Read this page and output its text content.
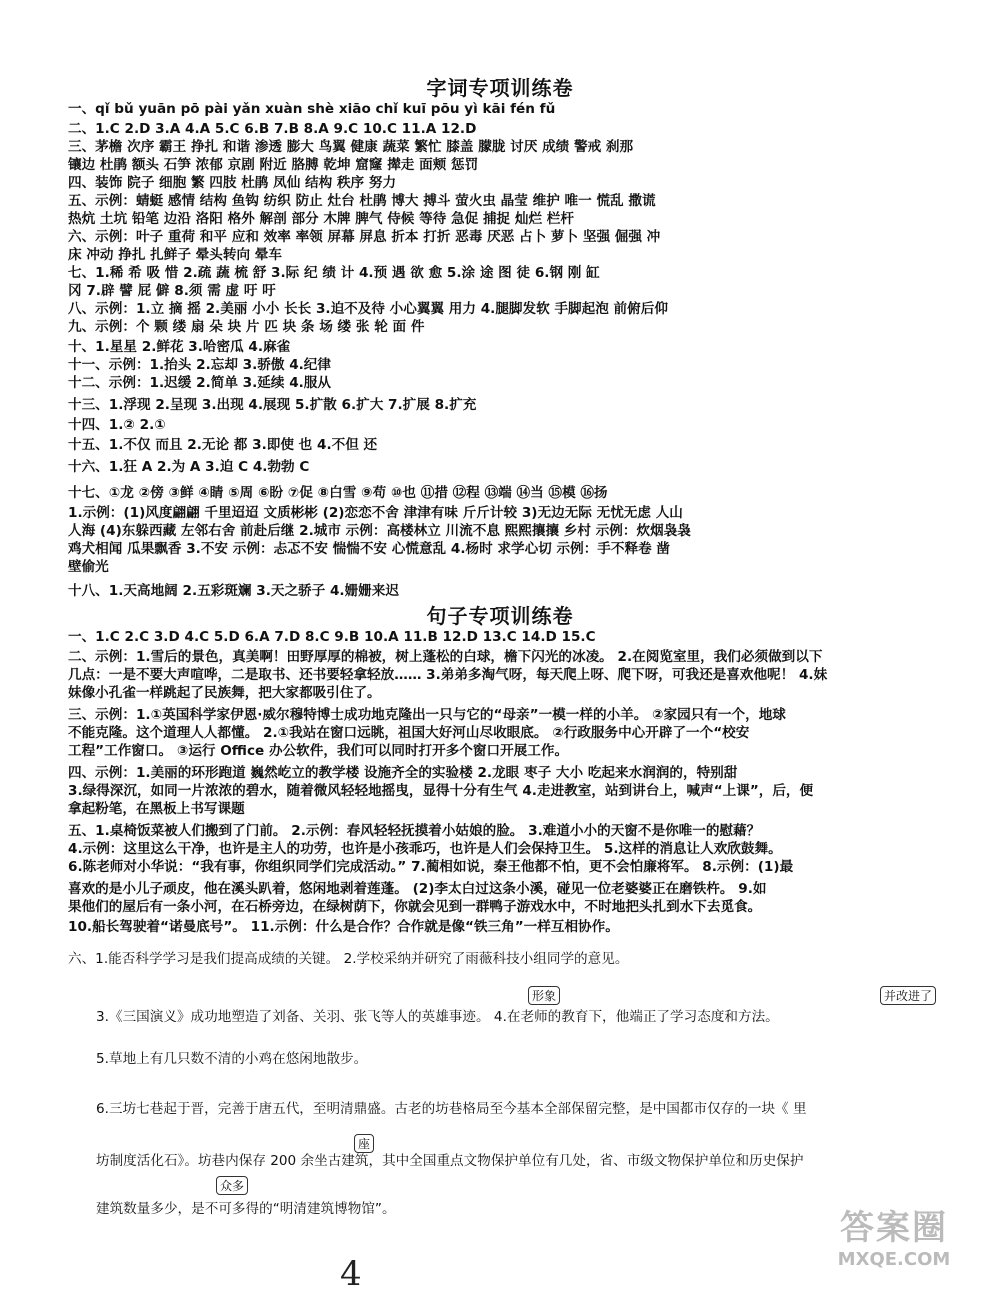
字词专项训练卷
一、qǐ bǔ yuān pō pài yǎn xuàn shè xiāo chǐ kuī pōu yì kāi fén fǔ
二、1.C 2.D 3.A 4.A 5.C 6.B 7.B 8.A 9.C 10.C 11.A 12.D
三、茅檐 次序 霸王 挣扎 和谐 渗透 膨大 鸟翼 健康 蔬菜 繁忙 膝盖 朦胧 讨厌 成绩 警戒 刹那
镶边 杜鹃 额头 石笋 浓郁 京剧 附近 胳膊 乾坤 窟窿 撵走 面颊 惩罚
四、装饰 院子 细胞 繁 四肢 杜鹃 凤仙 结构 秩序 努力
五、示例：蜻蜓 感情 结构 鱼钩 纺织 防止 灶台 杜鹃 博大 搏斗 萤火虫 晶莹 维护 唯一 慌乱 撒谎
热炕 土坑 铅笔 边沿 洛阳 格外 解剖 部分 木牌 脾气 侍候 等待 急促 捕捉 灿烂 栏杆
六、示例：叶子 重荷 和平 应和 效率 率领 屏幕 屏息 折本 打折 恶毒 厌恶 占卜 萝卜 坚强 倔强 冲
床 冲动 挣扎 扎鲜子 晕头转向 晕车
七、1.稀 希 吸 惜 2.疏 蔬 梳 舒 3.际 纪 绩 计 4.预 遇 欲 愈 5.涂 途 图 徒 6.钢 刚 缸
冈 7.辟 譬 屁 僻 8.须 需 虚 吁 吁
八、示例：1.立 摘 摇 2.美丽 小小 长长 3.迫不及待 小心翼翼 用力 4.腿脚发软 手脚起泡 前俯后仰
九、示例：个 颗 缕 扇 朵 块 片 匹 块 条 场 缕 张 轮 面 件
十、1.星星 2.鲜花 3.哈密瓜 4.麻雀
十一、示例：1.抬头 2.忘却 3.骄傲 4.纪律
十二、示例：1.迟缓 2.简单 3.延续 4.服从
十三、1.浮现 2.呈现 3.出现 4.展现 5.扩散 6.扩大 7.扩展 8.扩充
十四、1.② 2.①
十五、1.不仅 而且 2.无论 都 3.即使 也 4.不但 还
十六、1.狂 A 2.为 A 3.迫 C 4.勃勃 C
十七、①龙 ②傍 ③鲜 ④睛 ⑤周 ⑥盼 ⑦促 ⑧白雪 ⑨苟 ⑩也 ⑪措 ⑫程 ⑬端 ⑭当 ⑮模 ⑯扬
1.示例：(1)风度翩翩 千里迢迢 文质彬彬 (2)恋恋不舍 津津有味 斤斤计较 3)无边无际 无忧无虑 人山
人海 (4)东躲西藏 左邻右舍 前赴后继 2.城市 示例：高楼林立 川流不息 熙熙攘攘 乡村 示例：炊烟袅袅
鸡犬相闻 瓜果飘香 3.不安 示例：忐忑不安 惴惴不安 心慌意乱 4.杨时 求学心切 示例：手不释卷 凿
壁偷光
十八、1.天高地阔 2.五彩斑斓 3.天之骄子 4.姗姗来迟
句子专项训练卷
一、1.C 2.C 3.D 4.C 5.D 6.A 7.D 8.C 9.B 10.A 11.B 12.D 13.C 14.D 15.C
二、示例：1.雪后的景色，真美啊！田野厚厚的棉被，树上蓬松的白球，檐下闪光的冰凌。 2.在阅览室里，我们必须做到以下
几点：一是不要大声喧哗，二是取书、还书要轻拿轻放…… 3.弟弟多淘气呀，每天爬上呀、爬下呀，可我还是喜欢他呢！ 4.妹
妹像小孔雀一样跳起了民族舞，把大家都吸引住了。
三、示例：1.①英国科学家伊恩·威尔穆特博士成功地克隆出一只与它的“母亲”一模一样的小羊。 ②家园只有一个，地球
不能克隆。这个道理人人都懂。 2.①我站在窗口远眺，祖国大好河山尽收眼底。 ②行政服务中心开辟了一个“校安
工程”工作窗口。 ③运行 Office 办公软件，我们可以同时打开多个窗口开展工作。
四、示例：1.美丽的环形跑道 巍然屹立的教学楼 设施齐全的实验楼 2.龙眼 枣子 大小 吃起来水润润的，特别甜
3.绿得深沉，如同一片浓浓的碧水，随着微风轻轻地摇曳，显得十分有生气 4.走进教室，站到讲台上，喊声“上课”，后，便
拿起粉笔，在黑板上书写课题
五、1.桌椅饭菜被人们搬到了门前。 2.示例：春风轻轻抚摸着小姑娘的脸。 3.难道小小的天窗不是你唯一的慰藉？
4.示例：这里这么干净，也许是主人的功劳，也许是小孩乖巧，也许是人们会保持卫生。 5.这样的消息让人欢欣鼓舞。
6.陈老师对小华说：“我有事，你组织同学们完成活动。” 7.蔺相如说，秦王他都不怕，更不会怕廉将军。 8.示例：(1)最
喜欢的是小儿子顽皮，他在溪头趴着，悠闲地剥着莲蓬。 (2)李太白过这条小溪，碰见一位老婆婆正在磨铁杵。 9.如
果他们的屋后有一条小河，在石桥旁边，在绿树荫下，你就会见到一群鸭子游戏水中，不时地把头扎到水下去觅食。
10.船长驾驶着“诺曼底号”。 11.示例：什么是合作？合作就是像“铁三角”一样互相协作。
六、1.能否科学学习是我们提高成绩的关键。 2.学校采纳并研究了雨薇科技小组同学的意见。
3.《三国演义》成功地塑造了刘备、关羽、张飞等人的英雄事迹。 4.在老师的教育下，他端正了学习态度和方法。
5.草地上有几只数不清的小鸡在悠闲地散步。
6.三坊七巷起于晋，完善于唐五代，至明清鼎盛。古老的坊巷格局至今基本全部保留完整，是中国都市仅存的一块《 里
坊制度活化石》。坊巷内保存 200 余坐古建筑，其中全国重点文物保护单位有几处，省、市级文物保护单位和历史保护
建筑数量多少，是不可多得的“明清建筑博物馆”。
形象	并改进了
座
众多
4
答案圈
MXQE.COM
